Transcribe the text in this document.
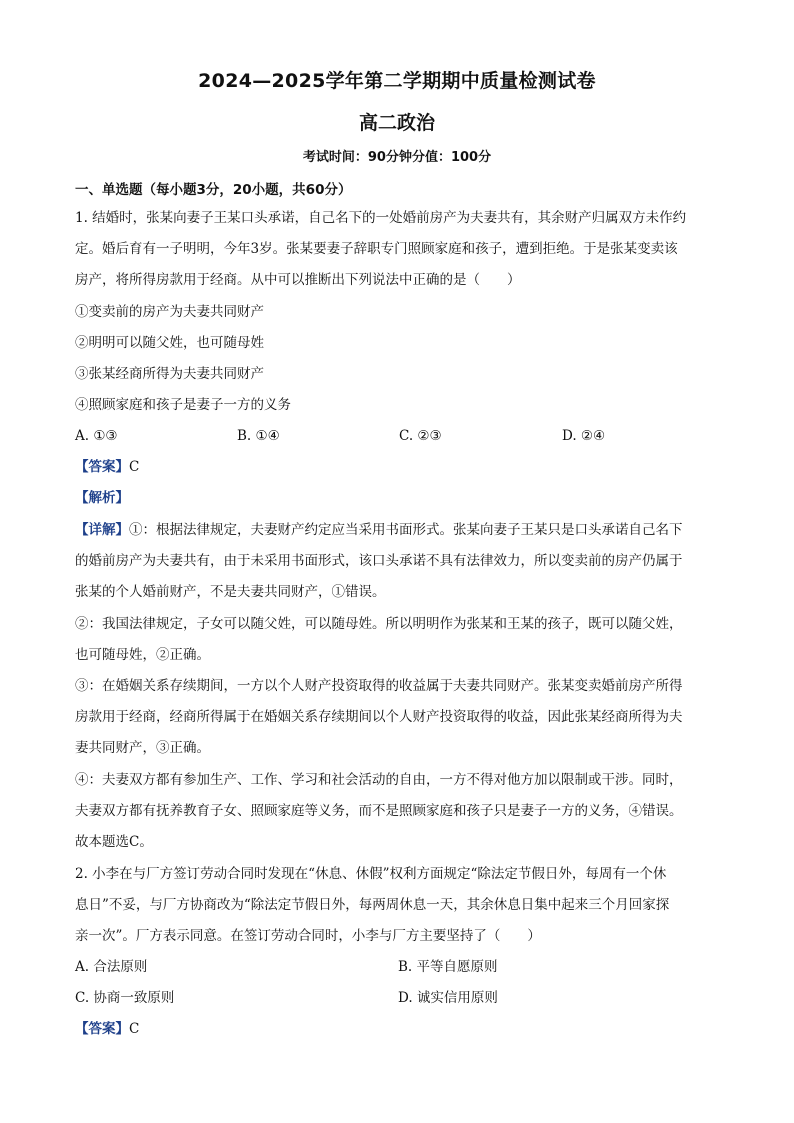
2024—2025学年第二学期期中质量检测试卷
高二政治
考试时间：90分钟分值：100分
一、单选题（每小题3分，20小题，共60分）
1. 结婚时，张某向妻子王某口头承诺，自己名下的一处婚前房产为夫妻共有，其余财产归属双方未作约
定。婚后育有一子明明，今年3岁。张某要妻子辞职专门照顾家庭和孩子，遭到拒绝。于是张某变卖该
房产，将所得房款用于经商。从中可以推断出下列说法中正确的是（　　）
①变卖前的房产为夫妻共同财产
②明明可以随父姓，也可随母姓
③张某经商所得为夫妻共同财产
④照顾家庭和孩子是妻子一方的义务
A. ①③	B. ①④	C. ②③	D. ②④
【答案】C
【解析】
【详解】①：根据法律规定，夫妻财产约定应当采用书面形式。张某向妻子王某只是口头承诺自己名下
的婚前房产为夫妻共有，由于未采用书面形式，该口头承诺不具有法律效力，所以变卖前的房产仍属于
张某的个人婚前财产，不是夫妻共同财产，①错误。
②：我国法律规定，子女可以随父姓，可以随母姓。所以明明作为张某和王某的孩子，既可以随父姓，
也可随母姓，②正确。
③：在婚姻关系存续期间，一方以个人财产投资取得的收益属于夫妻共同财产。张某变卖婚前房产所得
房款用于经商，经商所得属于在婚姻关系存续期间以个人财产投资取得的收益，因此张某经商所得为夫
妻共同财产，③正确。
④：夫妻双方都有参加生产、工作、学习和社会活动的自由，一方不得对他方加以限制或干涉。同时，
夫妻双方都有抚养教育子女、照顾家庭等义务，而不是照顾家庭和孩子只是妻子一方的义务，④错误。
故本题选C。
2. 小李在与厂方签订劳动合同时发现在“休息、休假”权利方面规定“除法定节假日外，每周有一个休
息日”不妥，与厂方协商改为“除法定节假日外，每两周休息一天，其余休息日集中起来三个月回家探
亲一次”。厂方表示同意。在签订劳动合同时，小李与厂方主要坚持了（　　）
A. 合法原则	B. 平等自愿原则
C. 协商一致原则	D. 诚实信用原则
【答案】C
